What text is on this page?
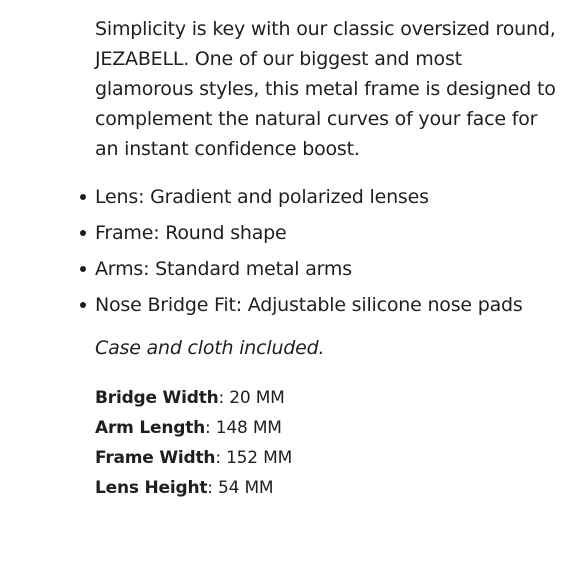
Simplicity is key with our classic oversized round, JEZABELL. One of our biggest and most glamorous styles, this metal frame is designed to complement the natural curves of your face for an instant confidence boost.

Lens: Gradient and polarized lenses
Frame: Round shape
Arms: Standard metal arms
Nose Bridge Fit: Adjustable silicone nose pads

Case and cloth included.

Bridge Width: 20 MM
Arm Length: 148 MM
Frame Width: 152 MM
Lens Height: 54 MM
